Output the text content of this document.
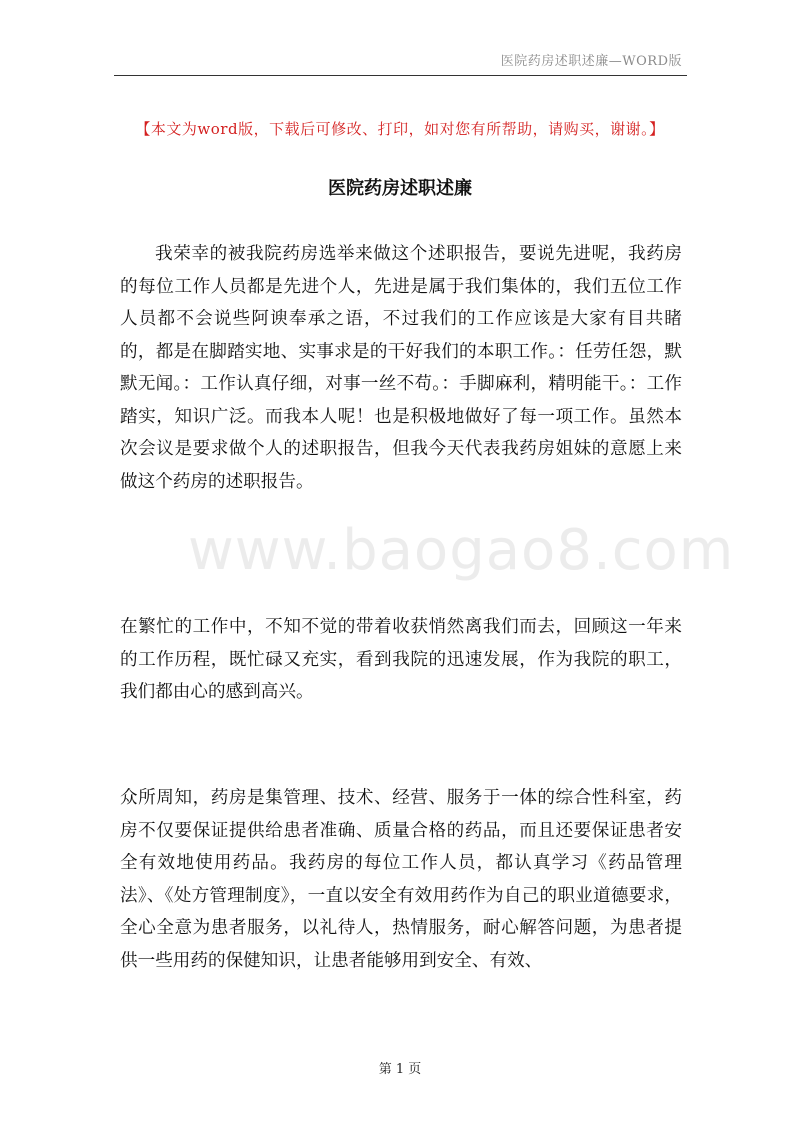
医院药房述职述廉—WORD版
【本文为word版，下载后可修改、打印，如对您有所帮助，请购买，谢谢。】
医院药房述职述廉
www.baogao8.com

我荣幸的被我院药房选举来做这个述职报告，要说先进呢，我药房的每位工作人员都是先进个人，先进是属于我们集体的，我们五位工作人员都不会说些阿谀奉承之语，不过我们的工作应该是大家有目共睹的，都是在脚踏实地、实事求是的干好我们的本职工作。：任劳任怨，默默无闻。：工作认真仔细，对事一丝不苟。：手脚麻利，精明能干。：工作踏实，知识广泛。而我本人呢！也是积极地做好了每一项工作。虽然本次会议是要求做个人的述职报告，但我今天代表我药房姐妹的意愿上来做这个药房的述职报告。

在繁忙的工作中，不知不觉的带着收获悄然离我们而去，回顾这一年来的工作历程，既忙碌又充实，看到我院的迅速发展，作为我院的职工，我们都由心的感到高兴。

众所周知，药房是集管理、技术、经营、服务于一体的综合性科室，药房不仅要保证提供给患者准确、质量合格的药品，而且还要保证患者安全有效地使用药品。我药房的每位工作人员，都认真学习《药品管理法》、《处方管理制度》，一直以安全有效用药作为自己的职业道德要求，全心全意为患者服务，以礼待人，热情服务，耐心解答问题，为患者提供一些用药的保健知识，让患者能够用到安全、有效、

第 1 页
